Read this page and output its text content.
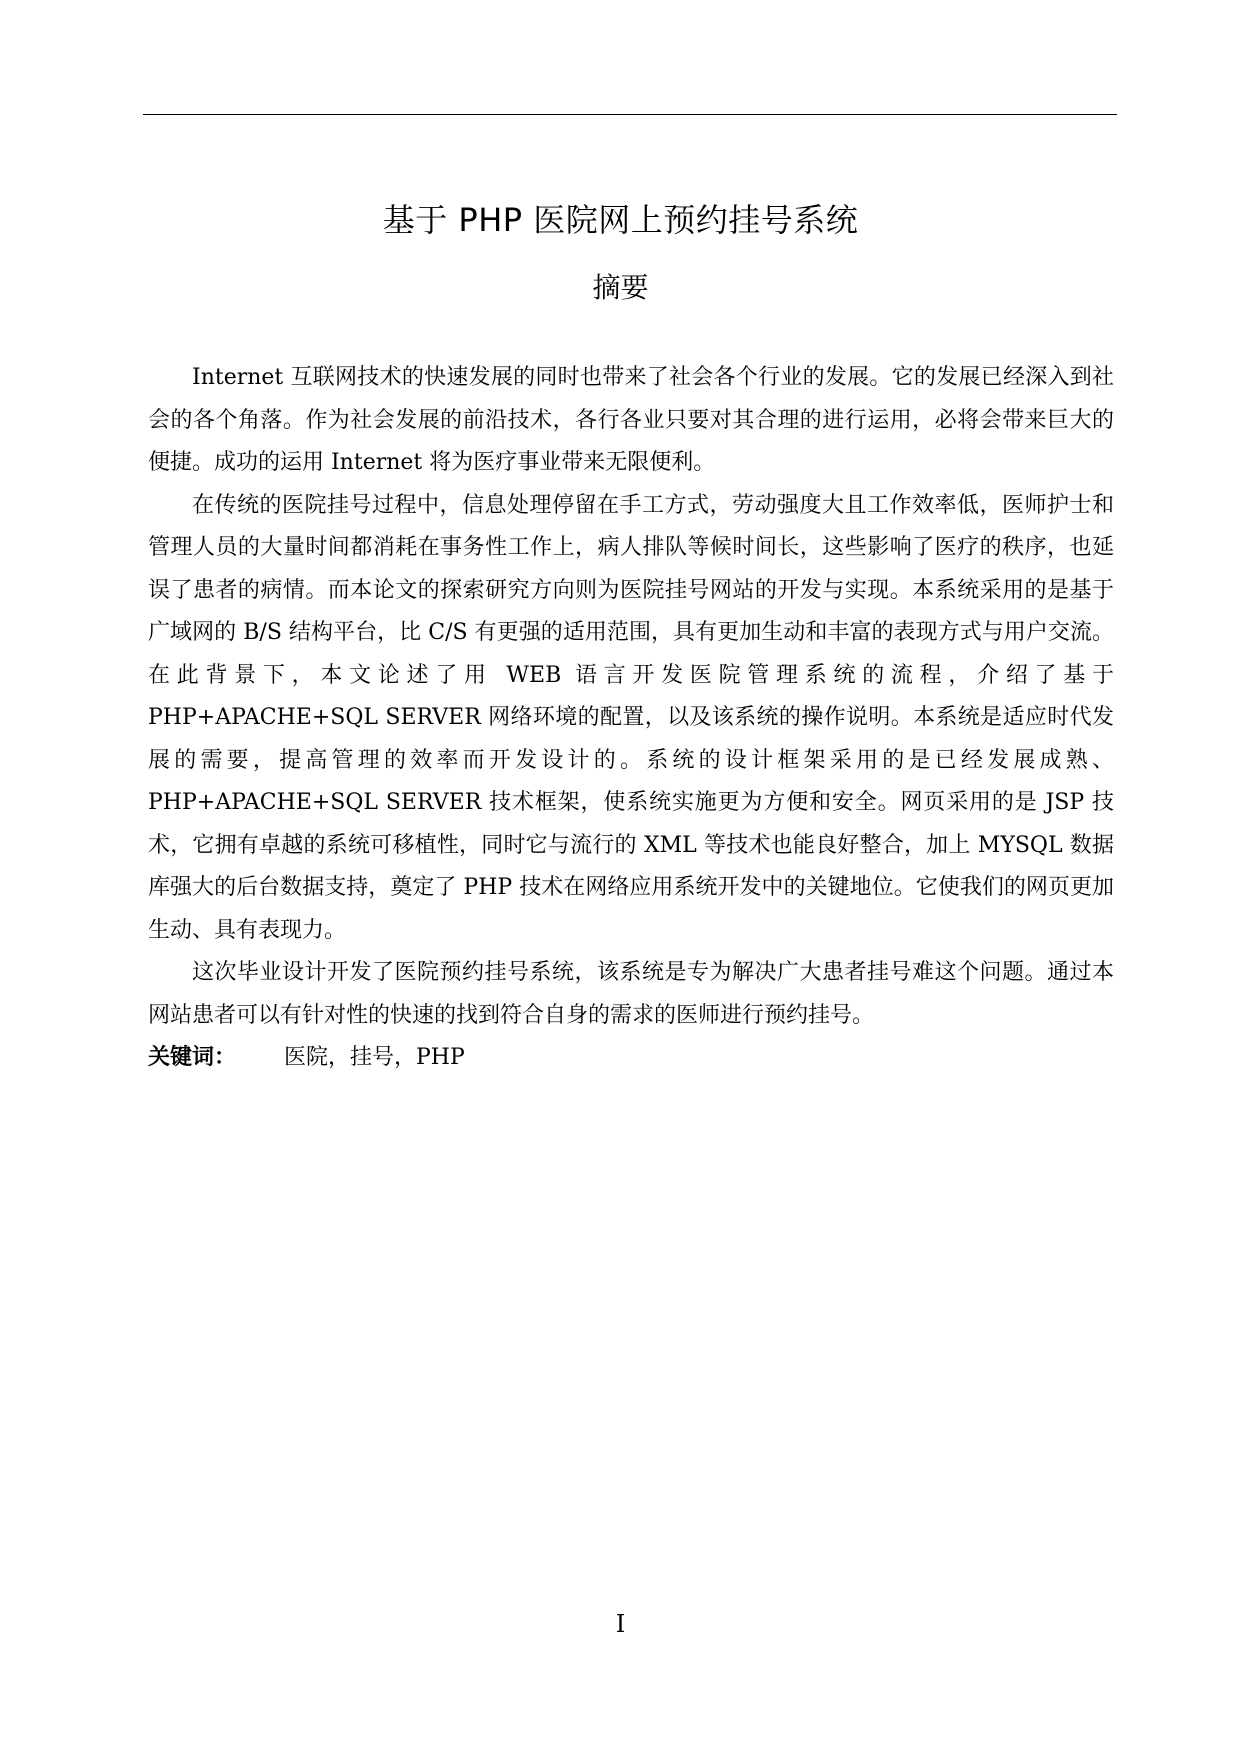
基于 PHP 医院网上预约挂号系统
摘要

Internet 互联网技术的快速发展的同时也带来了社会各个行业的发展。它的发展已经深入到社会的各个角落。作为社会发展的前沿技术，各行各业只要对其合理的进行运用，必将会带来巨大的便捷。成功的运用 Internet 将为医疗事业带来无限便利。

在传统的医院挂号过程中，信息处理停留在手工方式，劳动强度大且工作效率低，医师护士和管理人员的大量时间都消耗在事务性工作上，病人排队等候时间长，这些影响了医疗的秩序，也延误了患者的病情。而本论文的探索研究方向则为医院挂号网站的开发与实现。本系统采用的是基于广域网的 B/S 结构平台，比 C/S 有更强的适用范围，具有更加生动和丰富的表现方式与用户交流。在此背景下，本文论述了用 WEB 语言开发医院管理系统的流程，介绍了基于 PHP+APACHE+SQL SERVER 网络环境的配置，以及该系统的操作说明。本系统是适应时代发展的需要，提高管理的效率而开发设计的。系统的设计框架采用的是已经发展成熟、PHP+APACHE+SQL SERVER 技术框架，使系统实施更为方便和安全。网页采用的是 JSP 技术，它拥有卓越的系统可移植性，同时它与流行的 XML 等技术也能良好整合，加上 MYSQL 数据库强大的后台数据支持，奠定了 PHP 技术在网络应用系统开发中的关键地位。它使我们的网页更加生动、具有表现力。

这次毕业设计开发了医院预约挂号系统，该系统是专为解决广大患者挂号难这个问题。通过本网站患者可以有针对性的快速的找到符合自身的需求的医师进行预约挂号。

关键词： 医院，挂号，PHP

I
